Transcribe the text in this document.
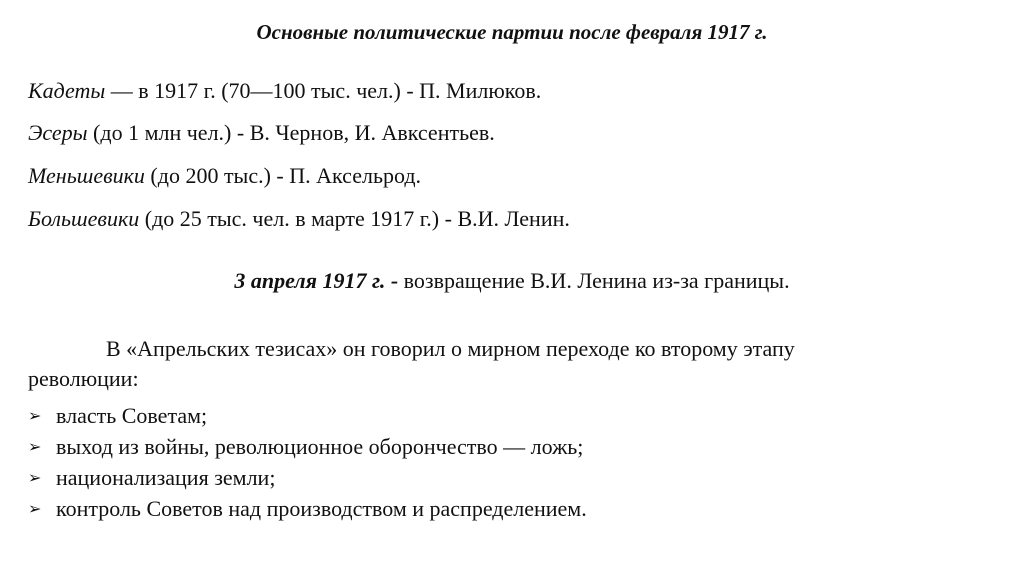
Основные политические партии после февраля 1917 г.
Кадеты — в 1917 г. (70—100 тыс. чел.) - П. Милюков.
Эсеры (до 1 млн чел.) - В. Чернов, И. Авксентьев.
Меньшевики (до 200 тыс.) - П. Аксельрод.
Большевики (до 25 тыс. чел. в марте 1917 г.) - В.И. Ленин.
3 апреля 1917 г. - возвращение В.И. Ленина из-за границы.
В «Апрельских тезисах» он говорил о мирном переходе ко второму этапу
революции:
➢ власть Советам;
➢ выход из войны, революционное оборончество — ложь;
➢ национализация земли;
➢ контроль Советов над производством и распределением.
